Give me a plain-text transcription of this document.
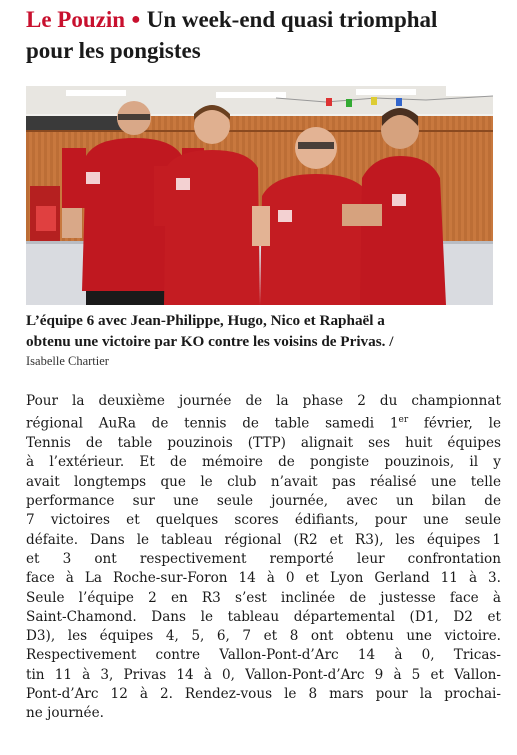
Le Pouzin ● Un week-end quasi triomphal
pour les pongistes
L’équipe 6 avec Jean-Philippe, Hugo, Nico et Raphaël a
obtenu une victoire par KO contre les voisins de Privas. /
Isabelle Chartier
Pour la deuxième journée de la phase 2 du championnat
régional AuRa de tennis de table samedi 1er février, le
Tennis de table pouzinois (TTP) alignait ses huit équipes
à l’extérieur. Et de mémoire de pongiste pouzinois, il y
avait longtemps que le club n’avait pas réalisé une telle
performance sur une seule journée, avec un bilan de
7 victoires et quelques scores édifiants, pour une seule
défaite. Dans le tableau régional (R2 et R3), les équipes 1
et 3 ont respectivement remporté leur confrontation
face à La Roche-sur-Foron 14 à 0 et Lyon Gerland 11 à 3.
Seule l’équipe 2 en R3 s’est inclinée de justesse face à
Saint-Chamond. Dans le tableau départemental (D1, D2 et
D3), les équipes 4, 5, 6, 7 et 8 ont obtenu une victoire.
Respectivement contre Vallon-Pont-d’Arc 14 à 0, Tricas-
tin 11 à 3, Privas 14 à 0, Vallon-Pont-d’Arc 9 à 5 et Vallon-
Pont-d’Arc 12 à 2. Rendez-vous le 8 mars pour la prochai-
ne journée.
